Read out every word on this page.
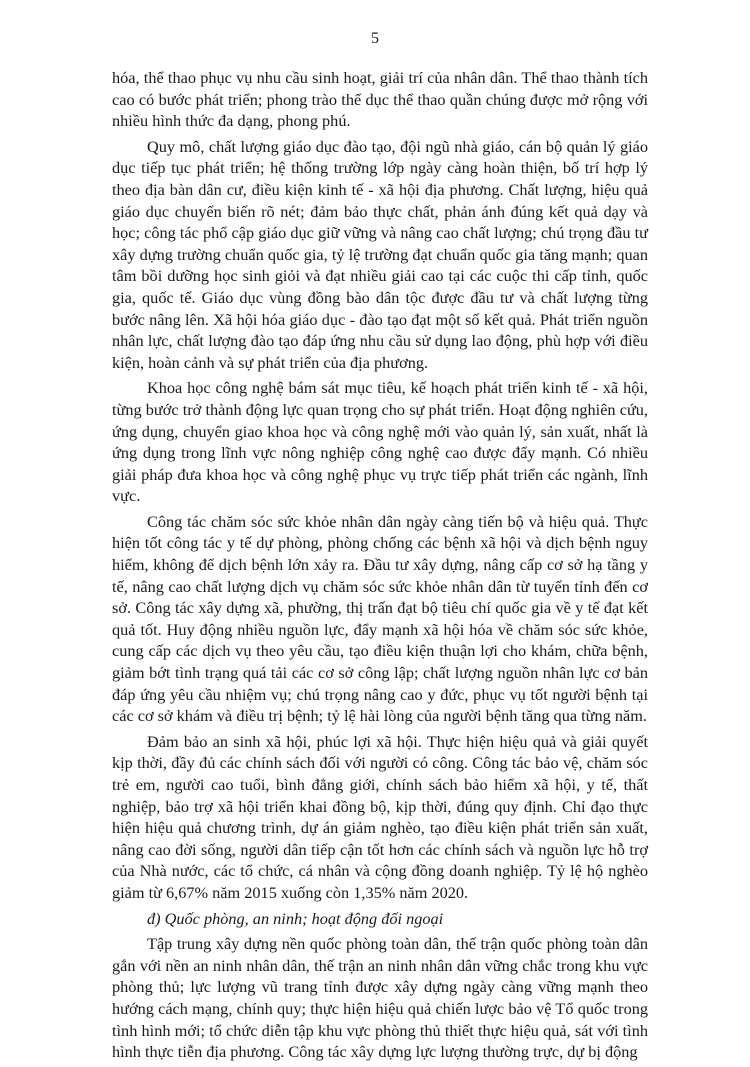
5

hóa, thể thao phục vụ nhu cầu sinh hoạt, giải trí của nhân dân. Thể thao thành tích cao có bước phát triển; phong trào thể dục thể thao quần chúng được mở rộng với nhiều hình thức đa dạng, phong phú.

Quy mô, chất lượng giáo dục đào tạo, đội ngũ nhà giáo, cán bộ quản lý giáo dục tiếp tục phát triển; hệ thống trường lớp ngày càng hoàn thiện, bố trí hợp lý theo địa bàn dân cư, điều kiện kinh tế - xã hội địa phương. Chất lượng, hiệu quả giáo dục chuyển biến rõ nét; đảm bảo thực chất, phản ánh đúng kết quả dạy và học; công tác phổ cập giáo dục giữ vững và nâng cao chất lượng; chú trọng đầu tư xây dựng trường chuẩn quốc gia, tỷ lệ trường đạt chuẩn quốc gia tăng mạnh; quan tâm bồi dưỡng học sinh giỏi và đạt nhiều giải cao tại các cuộc thi cấp tỉnh, quốc gia, quốc tế. Giáo dục vùng đồng bào dân tộc được đầu tư và chất lượng từng bước nâng lên. Xã hội hóa giáo dục - đào tạo đạt một số kết quả. Phát triển nguồn nhân lực, chất lượng đào tạo đáp ứng nhu cầu sử dụng lao động, phù hợp với điều kiện, hoàn cảnh và sự phát triển của địa phương.

Khoa học công nghệ bám sát mục tiêu, kế hoạch phát triển kinh tế - xã hội, từng bước trở thành động lực quan trọng cho sự phát triển. Hoạt động nghiên cứu, ứng dụng, chuyển giao khoa học và công nghệ mới vào quản lý, sản xuất, nhất là ứng dụng trong lĩnh vực nông nghiệp công nghệ cao được đẩy mạnh. Có nhiều giải pháp đưa khoa học và công nghệ phục vụ trực tiếp phát triển các ngành, lĩnh vực.

Công tác chăm sóc sức khỏe nhân dân ngày càng tiến bộ và hiệu quả. Thực hiện tốt công tác y tế dự phòng, phòng chống các bệnh xã hội và dịch bệnh nguy hiểm, không để dịch bệnh lớn xảy ra. Đầu tư xây dựng, nâng cấp cơ sở hạ tầng y tế, nâng cao chất lượng dịch vụ chăm sóc sức khỏe nhân dân từ tuyến tỉnh đến cơ sở. Công tác xây dựng xã, phường, thị trấn đạt bộ tiêu chí quốc gia về y tế đạt kết quả tốt. Huy động nhiều nguồn lực, đẩy mạnh xã hội hóa về chăm sóc sức khỏe, cung cấp các dịch vụ theo yêu cầu, tạo điều kiện thuận lợi cho khám, chữa bệnh, giảm bớt tình trạng quá tải các cơ sở công lập; chất lượng nguồn nhân lực cơ bản đáp ứng yêu cầu nhiệm vụ; chú trọng nâng cao y đức, phục vụ tốt người bệnh tại các cơ sở khám và điều trị bệnh; tỷ lệ hài lòng của người bệnh tăng qua từng năm.

Đảm bảo an sinh xã hội, phúc lợi xã hội. Thực hiện hiệu quả và giải quyết kịp thời, đầy đủ các chính sách đối với người có công. Công tác bảo vệ, chăm sóc trẻ em, người cao tuổi, bình đẳng giới, chính sách bảo hiểm xã hội, y tế, thất nghiệp, bảo trợ xã hội triển khai đồng bộ, kịp thời, đúng quy định. Chỉ đạo thực hiện hiệu quả chương trình, dự án giảm nghèo, tạo điều kiện phát triển sản xuất, nâng cao đời sống, người dân tiếp cận tốt hơn các chính sách và nguồn lực hỗ trợ của Nhà nước, các tổ chức, cá nhân và cộng đồng doanh nghiệp. Tỷ lệ hộ nghèo giảm từ 6,67% năm 2015 xuống còn 1,35% năm 2020.

đ) Quốc phòng, an ninh; hoạt động đối ngoại

Tập trung xây dựng nền quốc phòng toàn dân, thế trận quốc phòng toàn dân gắn với nền an ninh nhân dân, thế trận an ninh nhân dân vững chắc trong khu vực phòng thủ; lực lượng vũ trang tỉnh được xây dựng ngày càng vững mạnh theo hướng cách mạng, chính quy; thực hiện hiệu quả chiến lược bảo vệ Tổ quốc trong tình hình mới; tổ chức diễn tập khu vực phòng thủ thiết thực hiệu quả, sát với tình hình thực tiễn địa phương. Công tác xây dựng lực lượng thường trực, dự bị động
